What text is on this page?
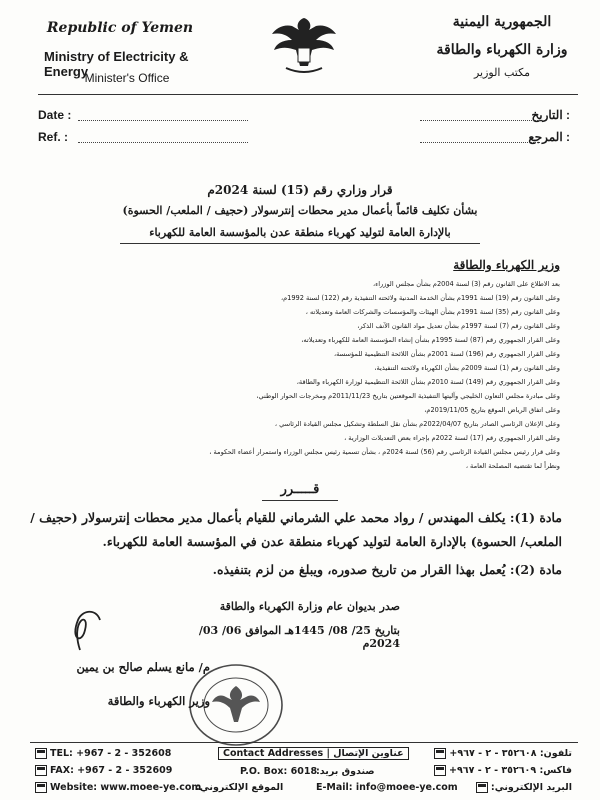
Republic of Yemen
Ministry of Electricity & Energy
Minister's Office
الجمهورية اليمنية
وزارة الكهرباء والطاقة
مكتب الوزير
Date :
Ref. :
: التاريخ
: المرجع
قرار وزاري رقم (15) لسنة 2024م
بشأن تكليف قائماً بأعمال مدير محطات إنترسولار (حجيف / الملعب/ الحسوة)
بالإدارة العامة لتوليد كهرباء منطقة عدن بالمؤسسة العامة للكهرباء
وزير الكهرباء والطاقة
بعد الاطلاع على القانون رقم (3) لسنة 2004م بشأن مجلس الوزراء،
وعلى القانون رقم (19) لسنة 1991م بشأن الخدمة المدنية ولائحته التنفيذية رقم (122) لسنة 1992م،
وعلى القانون رقم (35) لسنة 1991م بشأن الهيئات والمؤسسات والشركات العامة وتعديلاته ،
وعلى القانون رقم (7) لسنة 1997م بشأن تعديل مواد القانون الآنف الذكر،
وعلى القرار الجمهوري رقم (87) لسنة 1995م بشأن إنشاء المؤسسة العامة للكهرباء وتعديلاته،
وعلى القرار الجمهوري رقم (196) لسنة 2001م بشأن اللائحة التنظيمية للمؤسسة،
وعلى القانون رقم (1) لسنة 2009م بشأن الكهرباء ولائحته التنفيذية،
وعلى القرار الجمهوري رقم (149) لسنة 2010م بشأن اللائحة التنظيمية لوزارة الكهرباء والطاقة،
وعلى مبادرة مجلس التعاون الخليجي وآليتها التنفيذية الموقعتين بتاريخ 2011/11/23م ومخرجات الحوار الوطني،
وعلى اتفاق الرياض الموقع بتاريخ 2019/11/05م،
وعلى الإعلان الرئاسي الصادر بتاريخ 2022/04/07م بشأن نقل السلطة وتشكيل مجلس القيادة الرئاسي ،
وعلى القرار الجمهوري رقم (17) لسنة 2022م بإجراء بعض التعديلات الوزارية ،
وعلى قرار رئيس مجلس القيادة الرئاسي رقم (56) لسنة 2024م ، بشأن تسمية رئيس مجلس الوزراء واستمرار أعضاء الحكومة ،
ونظراً لما تقتضيه المصلحة العامة ،
قـــــرر
مادة (1): يكلف المهندس / رواد محمد علي الشرماني للقيام بأعمال مدير محطات إنترسولار (حجيف /
الملعب/ الحسوة) بالإدارة العامة لتوليد كهرباء منطقة عدن في المؤسسة العامة للكهرباء.
مادة (2): يُعمل بهذا القرار من تاريخ صدوره، ويبلغ من لزم بتنفيذه.
صدر بديوان عام وزارة الكهرباء والطاقة
بتاريخ 25/ 08/ 1445هـ الموافق 06/ 03/ 2024م
م/ مانع يسلم صالح بن يمين
وزير الكهرباء والطاقة
TEL: +967 - 2 - 352608
FAX: +967 - 2 - 352609
Website: www.moee-ye.com
Contact Addresses | عناوين الإتصال
P.O. Box: 6018
صندوق بريد:
الموقع الإلكتروني:	E-Mail: info@moee-ye.com
تلفون: ٣٥٢٦٠٨ - ٢ - ٩٦٧+
فاكس: ٣٥٢٦٠٩ - ٢ - ٩٦٧+
البريد الإلكتروني:
